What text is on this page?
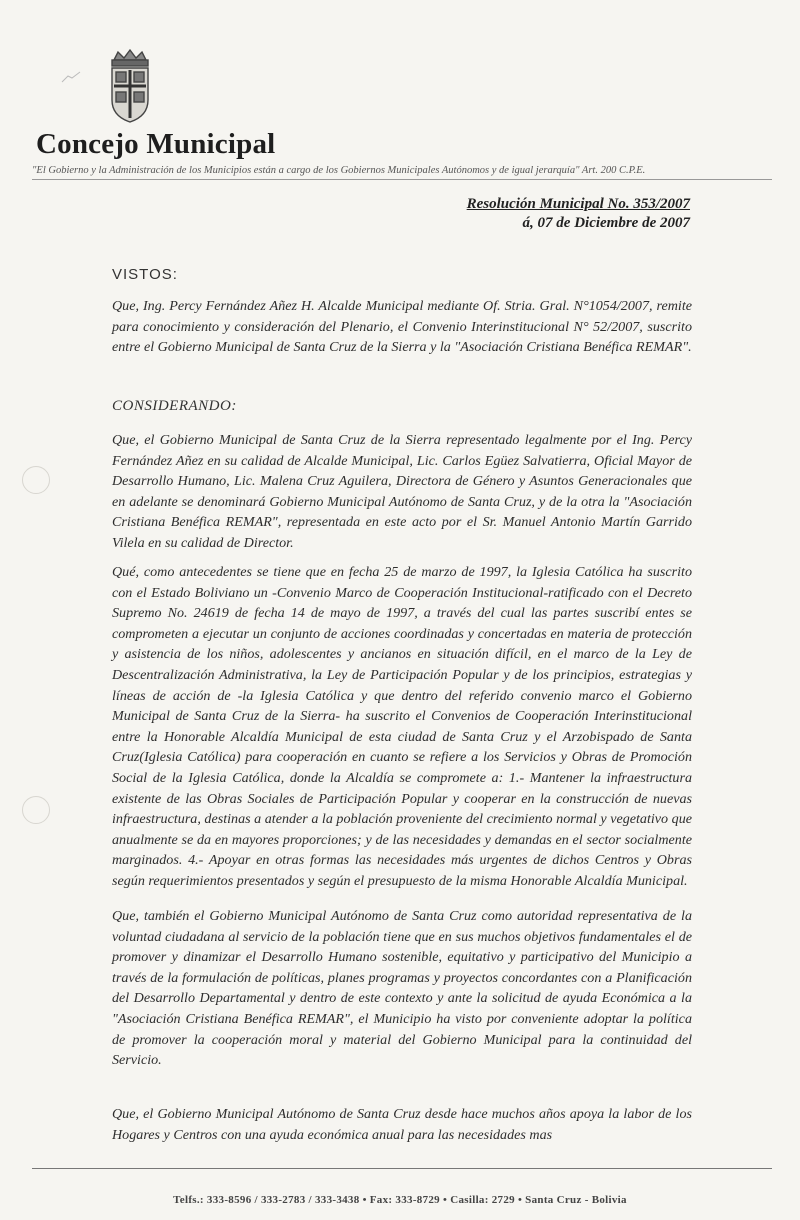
Concejo Municipal
"El Gobierno y la Administración de los Municipios están a cargo de los Gobiernos Municipales Autónomos y de igual jerarquía" Art. 200 C.P.E.
Resolución Municipal No. 353/2007
á, 07 de Diciembre de 2007
VISTOS:
Que, Ing. Percy Fernández Añez H. Alcalde Municipal mediante Of. Stria. Gral. N°1054/2007, remite para conocimiento y consideración del Plenario, el Convenio Interinstitucional N° 52/2007, suscrito entre el Gobierno Municipal de Santa Cruz de la Sierra y la "Asociación Cristiana Benéfica REMAR".
CONSIDERANDO:
Que, el Gobierno Municipal de Santa Cruz de la Sierra representado legalmente por el Ing. Percy Fernández Añez en su calidad de Alcalde Municipal, Lic. Carlos Egüez Salvatierra, Oficial Mayor de Desarrollo Humano, Lic. Malena Cruz Aguilera, Directora de Género y Asuntos Generacionales que en adelante se denominará Gobierno Municipal Autónomo de Santa Cruz, y de la otra la "Asociación Cristiana Benéfica REMAR", representada en este acto por el Sr. Manuel Antonio Martín Garrido Vilela en su calidad de Director.
Qué, como antecedentes se tiene que en fecha 25 de marzo de 1997, la Iglesia Católica ha suscrito con el Estado Boliviano un -Convenio Marco de Cooperación Institucional-ratificado con el Decreto Supremo No. 24619 de fecha 14 de mayo de 1997, a través del cual las partes suscribí entes se comprometen a ejecutar un conjunto de acciones coordinadas y concertadas en materia de protección y asistencia de los niños, adolescentes y ancianos en situación difícil, en el marco de la Ley de Descentralización Administrativa, la Ley de Participación Popular y de los principios, estrategias y líneas de acción de -la Iglesia Católica y que dentro del referido convenio marco el Gobierno Municipal de Santa Cruz de la Sierra- ha suscrito el Convenios de Cooperación Interinstitucional entre la Honorable Alcaldía Municipal de esta ciudad de Santa Cruz y el Arzobispado de Santa Cruz(Iglesia Católica) para cooperación en cuanto se refiere a los Servicios y Obras de Promoción Social de la Iglesia Católica, donde la Alcaldía se compromete a: 1.- Mantener la infraestructura existente de las Obras Sociales de Participación Popular y cooperar en la construcción de nuevas infraestructura, destinas a atender a la población proveniente del crecimiento normal y vegetativo que anualmente se da en mayores proporciones; y de las necesidades y demandas en el sector socialmente marginados. 4.- Apoyar en otras formas las necesidades más urgentes de dichos Centros y Obras según requerimientos presentados y según el presupuesto de la misma Honorable Alcaldía Municipal.
Que, también el Gobierno Municipal Autónomo de Santa Cruz como autoridad representativa de la voluntad ciudadana al servicio de la población tiene que en sus muchos objetivos fundamentales el de promover y dinamizar el Desarrollo Humano sostenible, equitativo y participativo del Municipio a través de la formulación de políticas, planes programas y proyectos concordantes con a Planificación del Desarrollo Departamental y dentro de este contexto y ante la solicitud de ayuda Económica a la "Asociación Cristiana Benéfica REMAR", el Municipio ha visto por conveniente adoptar la política de promover la cooperación moral y material del Gobierno Municipal para la continuidad del Servicio.
Que, el Gobierno Municipal Autónomo de Santa Cruz desde hace muchos años apoya la labor de los Hogares y Centros con una ayuda económica anual para las necesidades mas
Telfs.: 333-8596 / 333-2783 / 333-3438 • Fax: 333-8729 • Casilla: 2729 • Santa Cruz - Bolivia
